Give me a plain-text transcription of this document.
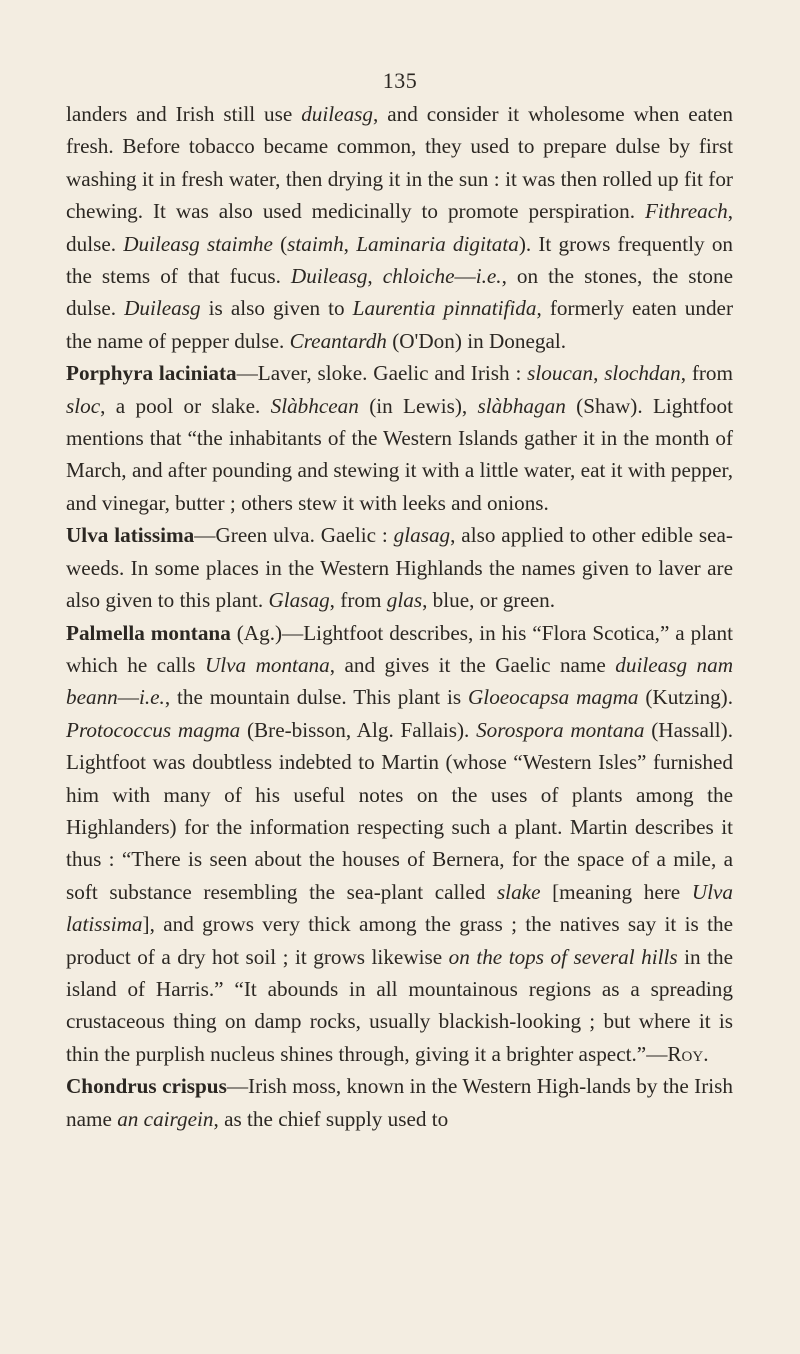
135

landers and Irish still use duileasg, and consider it wholesome when eaten fresh. Before tobacco became common, they used to prepare dulse by first washing it in fresh water, then drying it in the sun : it was then rolled up fit for chewing. It was also used medicinally to promote perspiration. Fithreach, dulse. Duileasg staimhe (staimh, Laminaria digitata). It grows frequently on the stems of that fucus. Duileasg, chloiche—i.e., on the stones, the stone dulse. Duileasg is also given to Laurentia pinnatifida, formerly eaten under the name of pepper dulse. Creantardh (O'Don) in Donegal.

Porphyra laciniata—Laver, sloke. Gaelic and Irish : sloucan, slochdan, from sloc, a pool or slake. Slàbhcean (in Lewis), slàbhagan (Shaw). Lightfoot mentions that “the inhabitants of the Western Islands gather it in the month of March, and after pounding and stewing it with a little water, eat it with pepper, and vinegar, butter ; others stew it with leeks and onions.

Ulva latissima—Green ulva. Gaelic : glasag, also applied to other edible sea-weeds. In some places in the Western Highlands the names given to laver are also given to this plant. Glasag, from glas, blue, or green.

Palmella montana (Ag.)—Lightfoot describes, in his “Flora Scotica,” a plant which he calls Ulva montana, and gives it the Gaelic name duileasg nam beann—i.e., the mountain dulse. This plant is Gloeocapsa magma (Kutzing). Protococcus magma (Bre-bisson, Alg. Fallais). Sorospora montana (Hassall). Lightfoot was doubtless indebted to Martin (whose “Western Isles” furnished him with many of his useful notes on the uses of plants among the Highlanders) for the information respecting such a plant. Martin describes it thus : “There is seen about the houses of Bernera, for the space of a mile, a soft substance resembling the sea-plant called slake [meaning here Ulva latissima], and grows very thick among the grass ; the natives say it is the product of a dry hot soil ; it grows likewise on the tops of several hills in the island of Harris.” “It abounds in all mountainous regions as a spreading crustaceous thing on damp rocks, usually blackish-looking ; but where it is thin the purplish nucleus shines through, giving it a brighter aspect.”—Roy.

Chondrus crispus—Irish moss, known in the Western High-lands by the Irish name an cairgein, as the chief supply used to
